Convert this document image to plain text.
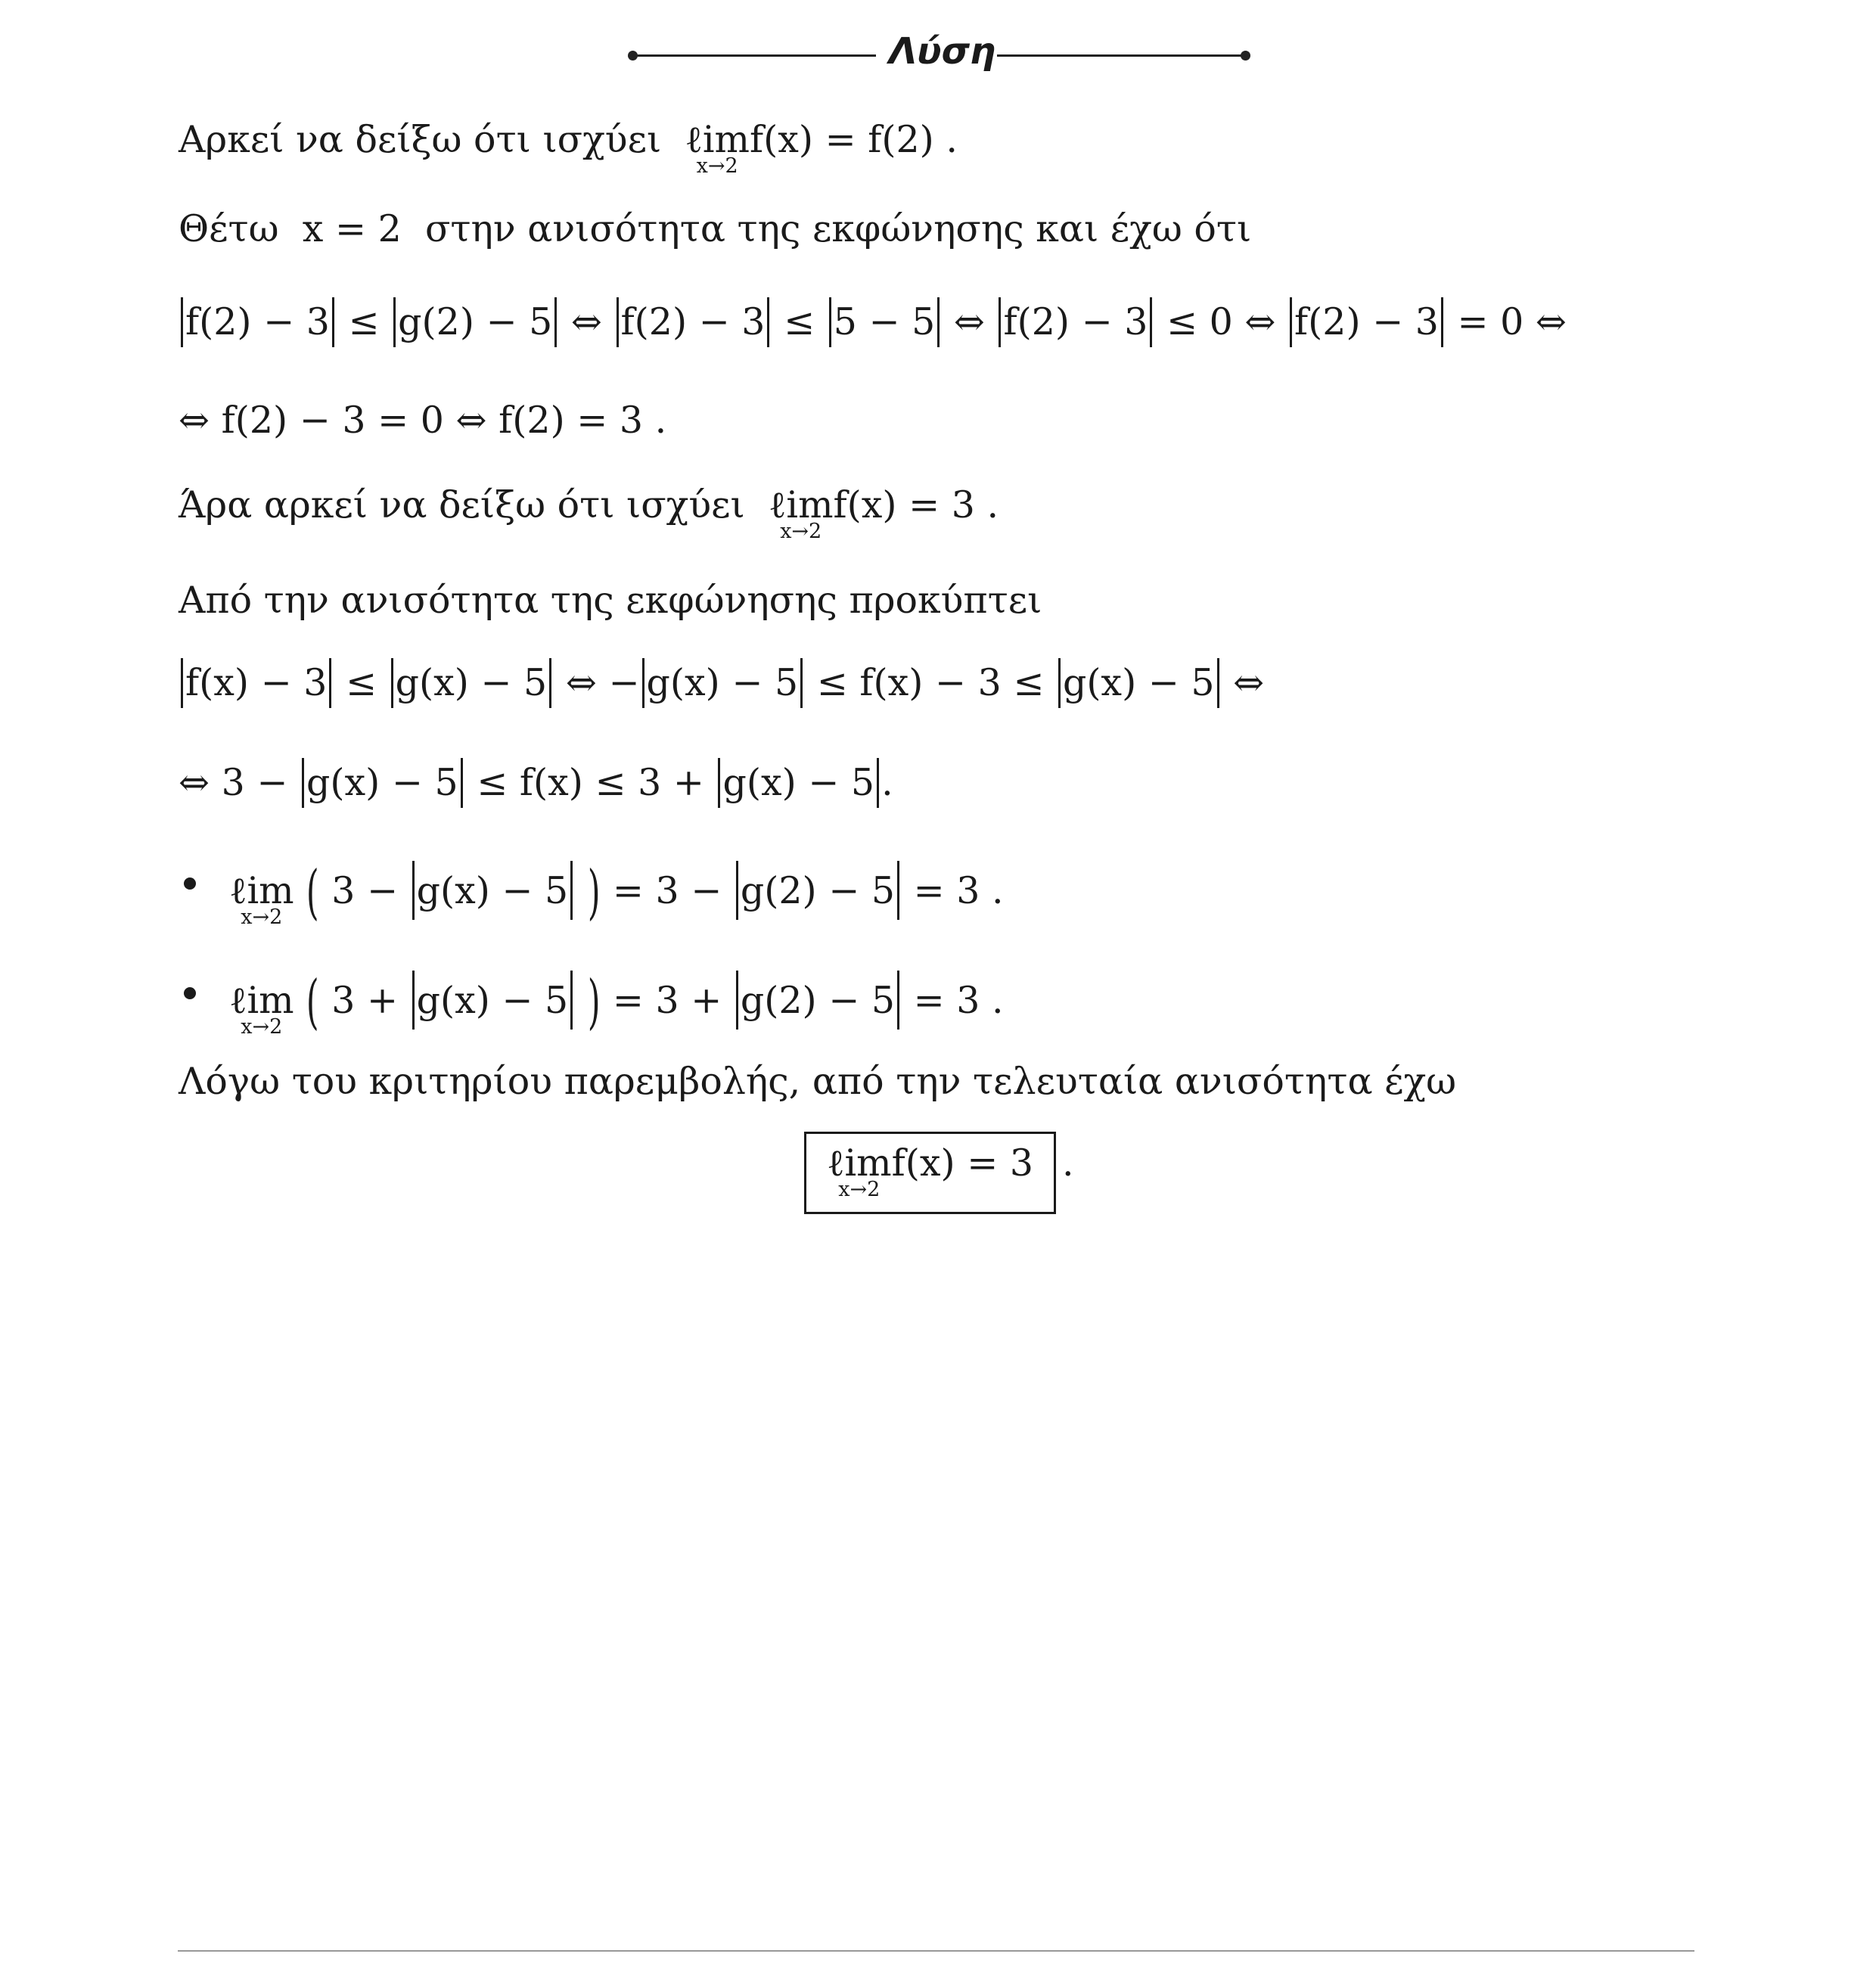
Λύση
Αρκεί να δείξω ότι ισχύει ℓim
x→2
f(x) = f(2) .
Θέτω x = 2 στην ανισότητα της εκφώνησης και έχω ότι
f(2) − 3 ≤ g(2) − 5 ⇔ f(2) − 3 ≤ 5 − 5 ⇔ f(2) − 3 ≤ 0 ⇔ f(2) − 3 = 0 ⇔
⇔ f(2) − 3 = 0 ⇔ f(2) = 3 .
Άρα αρκεί να δείξω ότι ισχύει ℓim
x→2
f(x) = 3 .
Από την ανισότητα της εκφώνησης προκύπτει
f(x) − 3 ≤ g(x) − 5 ⇔ − g(x) − 5 ≤ f(x) − 3 ≤ g(x) − 5 ⇔
⇔ 3 − g(x) − 5 ≤ f(x) ≤ 3 + g(x) − 5 .
ℓim
x→2 ( 3 − g(x) − 5 ) = 3 − g(2) − 5 = 3 .
ℓim
x→2 ( 3 + g(x) − 5 ) = 3 + g(2) − 5 = 3 .
Λόγω του κριτηρίου παρεμβολής, από την τελευταία ανισότητα έχω
ℓim
x→2
f(x) = 3 .
